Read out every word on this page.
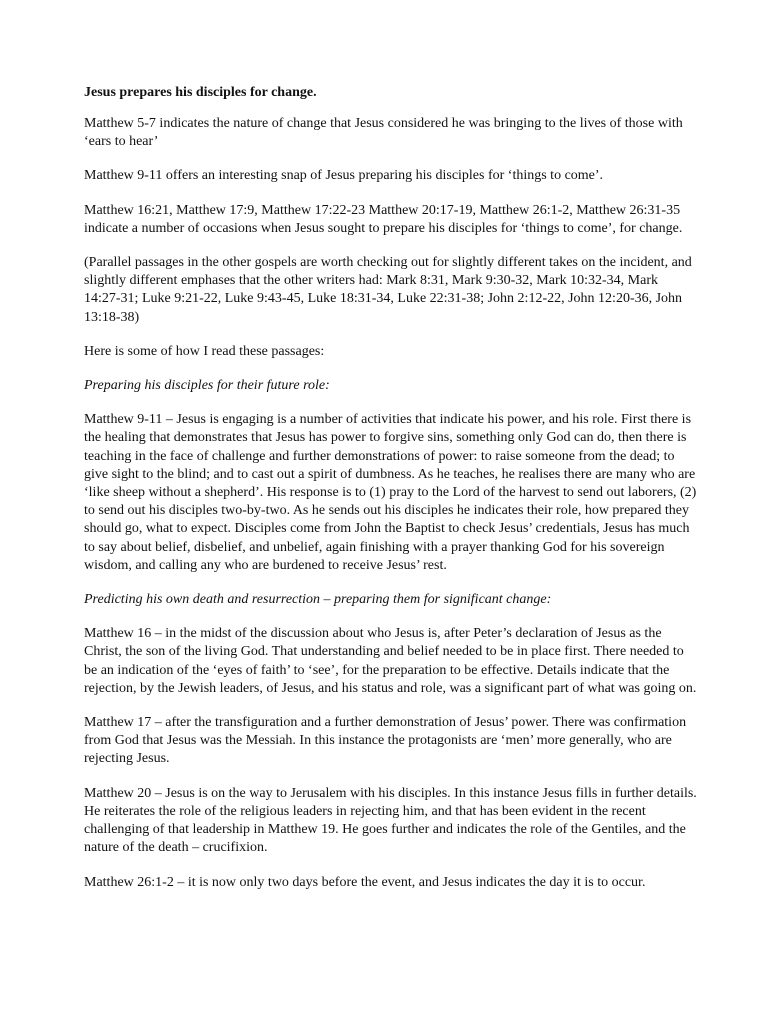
Jesus prepares his disciples for change.

Matthew 5-7 indicates the nature of change that Jesus considered he was bringing to the lives of those with ‘ears to hear’

Matthew 9-11 offers an interesting snap of Jesus preparing his disciples for ‘things to come’.

Matthew 16:21, Matthew 17:9, Matthew 17:22-23 Matthew 20:17-19, Matthew 26:1-2, Matthew 26:31-35 indicate a number of occasions when Jesus sought to prepare his disciples for ‘things to come’, for change.

(Parallel passages in the other gospels are worth checking out for slightly different takes on the incident, and slightly different emphases that the other writers had: Mark 8:31, Mark 9:30-32, Mark 10:32-34, Mark 14:27-31; Luke 9:21-22, Luke 9:43-45, Luke 18:31-34, Luke 22:31-38; John 2:12-22, John 12:20-36, John 13:18-38)

Here is some of how I read these passages:

Preparing his disciples for their future role:

Matthew 9-11 – Jesus is engaging is a number of activities that indicate his power, and his role. First there is the healing that demonstrates that Jesus has power to forgive sins, something only God can do, then there is teaching in the face of challenge and further demonstrations of power: to raise someone from the dead; to give sight to the blind; and to cast out a spirit of dumbness. As he teaches, he realises there are many who are ‘like sheep without a shepherd’. His response is to (1) pray to the Lord of the harvest to send out laborers, (2) to send out his disciples two-by-two. As he sends out his disciples he indicates their role, how prepared they should go, what to expect. Disciples come from John the Baptist to check Jesus’ credentials, Jesus has much to say about belief, disbelief, and unbelief, again finishing with a prayer thanking God for his sovereign wisdom, and calling any who are burdened to receive Jesus’ rest.

Predicting his own death and resurrection – preparing them for significant change:

Matthew 16 – in the midst of the discussion about who Jesus is, after Peter’s declaration of Jesus as the Christ, the son of the living God. That understanding and belief needed to be in place first. There needed to be an indication of the ‘eyes of faith’ to ‘see’, for the preparation to be effective. Details indicate that the rejection, by the Jewish leaders, of Jesus, and his status and role, was a significant part of what was going on.

Matthew 17 – after the transfiguration and a further demonstration of Jesus’ power. There was confirmation from God that Jesus was the Messiah. In this instance the protagonists are ‘men’ more generally, who are rejecting Jesus.

Matthew 20 – Jesus is on the way to Jerusalem with his disciples. In this instance Jesus fills in further details. He reiterates the role of the religious leaders in rejecting him, and that has been evident in the recent challenging of that leadership in Matthew 19. He goes further and indicates the role of the Gentiles, and the nature of the death – crucifixion.

Matthew 26:1-2 – it is now only two days before the event, and Jesus indicates the day it is to occur.
